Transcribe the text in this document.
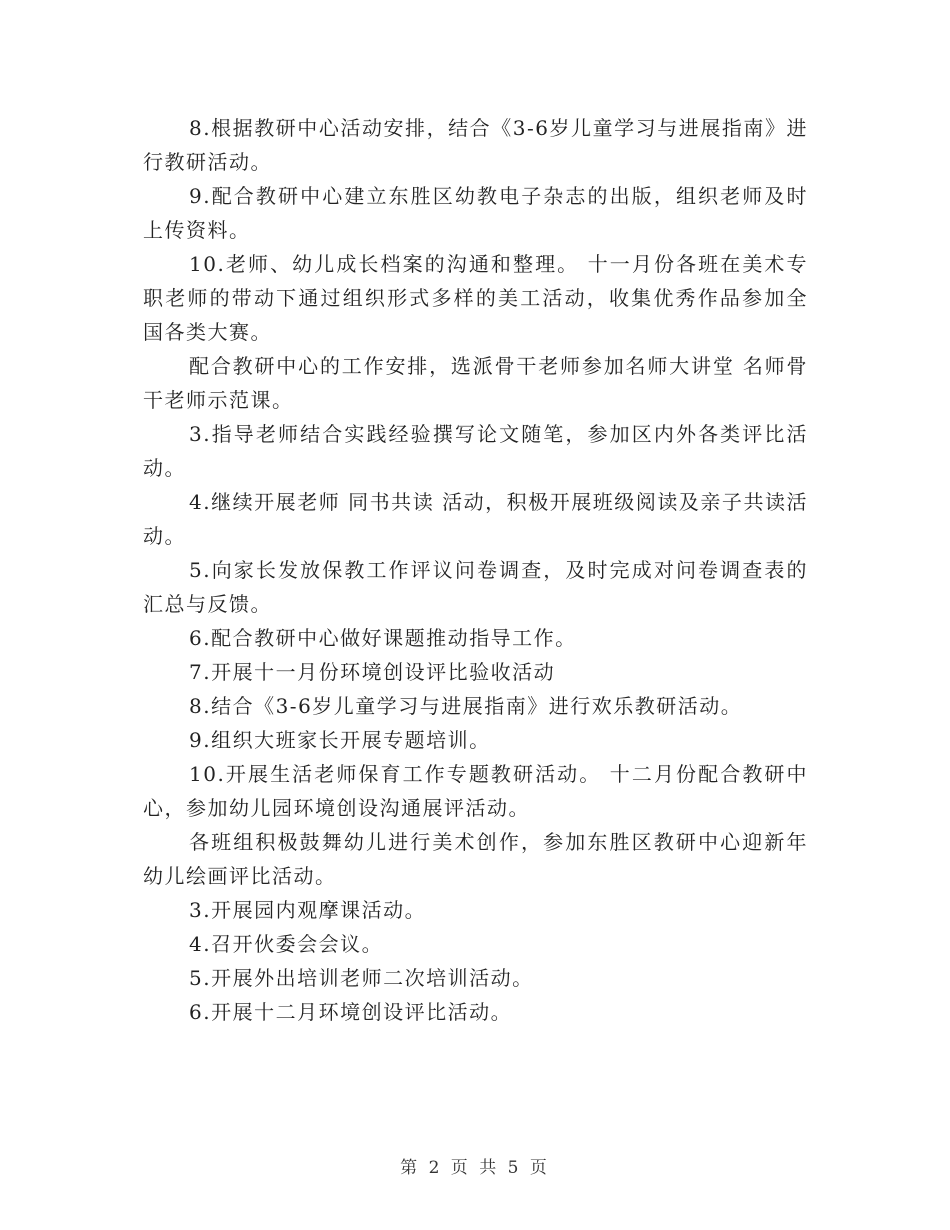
8.根据教研中心活动安排，结合《3-6岁儿童学习与进展指南》进行教研活动。

9.配合教研中心建立东胜区幼教电子杂志的出版，组织老师及时上传资料。

10.老师、幼儿成长档案的沟通和整理。 十一月份各班在美术专职老师的带动下通过组织形式多样的美工活动，收集优秀作品参加全国各类大赛。

配合教研中心的工作安排，选派骨干老师参加名师大讲堂 名师骨干老师示范课。

3.指导老师结合实践经验撰写论文随笔，参加区内外各类评比活动。

4.继续开展老师 同书共读 活动，积极开展班级阅读及亲子共读活动。

5.向家长发放保教工作评议问卷调查，及时完成对问卷调查表的汇总与反馈。

6.配合教研中心做好课题推动指导工作。

7.开展十一月份环境创设评比验收活动

8.结合《3-6岁儿童学习与进展指南》进行欢乐教研活动。

9.组织大班家长开展专题培训。

10.开展生活老师保育工作专题教研活动。 十二月份配合教研中心，参加幼儿园环境创设沟通展评活动。

各班组积极鼓舞幼儿进行美术创作，参加东胜区教研中心迎新年幼儿绘画评比活动。

3.开展园内观摩课活动。

4.召开伙委会会议。

5.开展外出培训老师二次培训活动。

6.开展十二月环境创设评比活动。

第 2 页 共 5 页
